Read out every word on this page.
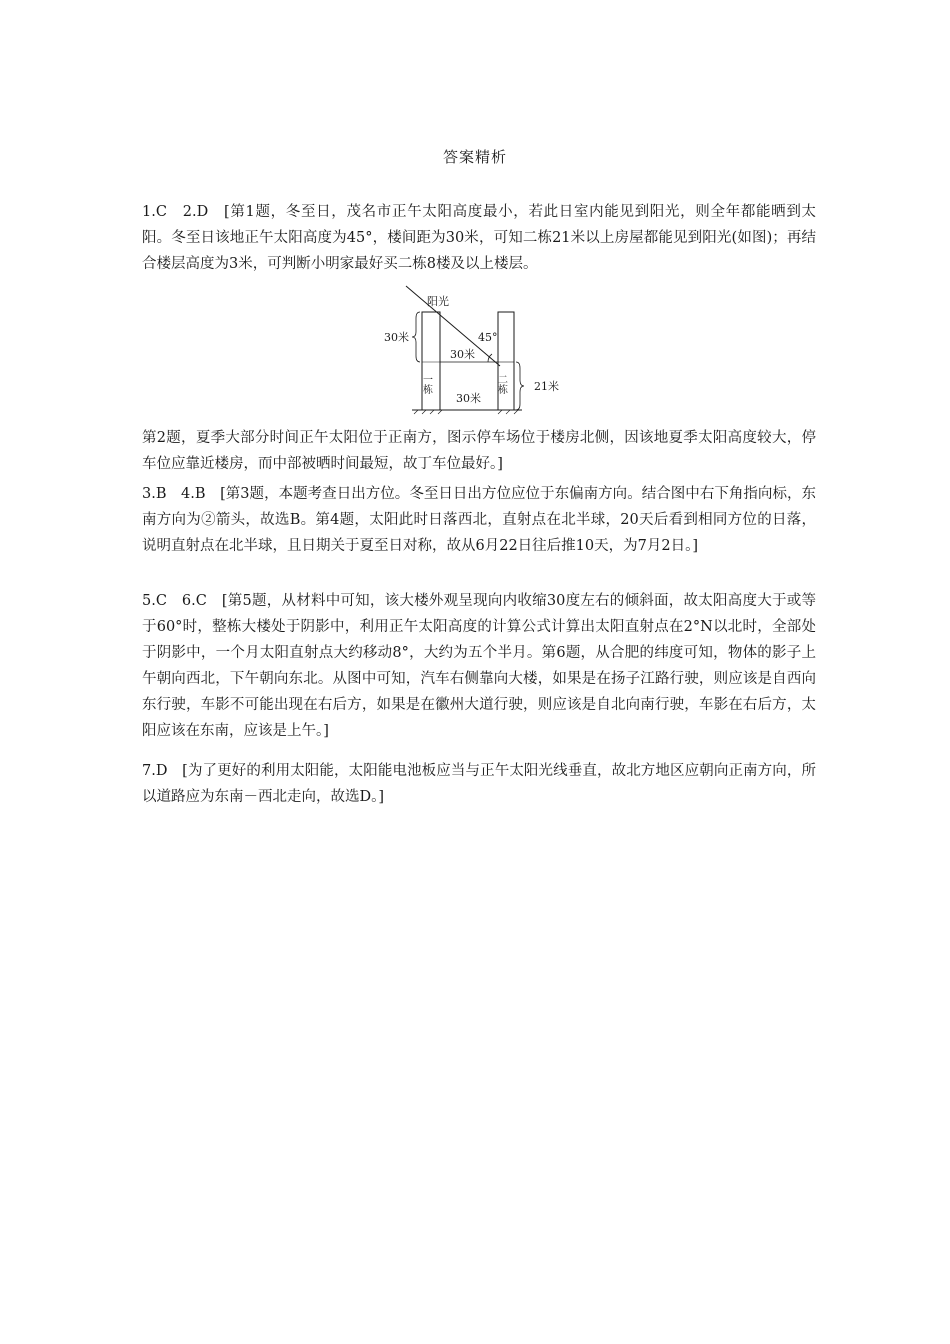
答案精析
1.C　2.D　[第1题，冬至日，茂名市正午太阳高度最小，若此日室内能见到阳光，则全年都能晒到太阳。冬至日该地正午太阳高度为45°，楼间距为30米，可知二栋21米以上房屋都能见到阳光(如图)；再结合楼层高度为3米，可判断小明家最好买二栋8楼及以上楼层。
阳光
30米	45°
30米
30米
21米
一栋	二栋
第2题，夏季大部分时间正午太阳位于正南方，图示停车场位于楼房北侧，因该地夏季太阳高度较大，停车位应靠近楼房，而中部被晒时间最短，故丁车位最好。]
3.B　4.B　[第3题，本题考查日出方位。冬至日日出方位应位于东偏南方向。结合图中右下角指向标，东南方向为②箭头，故选B。第4题，太阳此时日落西北，直射点在北半球，20天后看到相同方位的日落，说明直射点在北半球，且日期关于夏至日对称，故从6月22日往后推10天，为7月2日。]
5.C　6.C　[第5题，从材料中可知，该大楼外观呈现向内收缩30度左右的倾斜面，故太阳高度大于或等于60°时，整栋大楼处于阴影中，利用正午太阳高度的计算公式计算出太阳直射点在2°N以北时，全部处于阴影中，一个月太阳直射点大约移动8°，大约为五个半月。第6题，从合肥的纬度可知，物体的影子上午朝向西北，下午朝向东北。从图中可知，汽车右侧靠向大楼，如果是在扬子江路行驶，则应该是自西向东行驶，车影不可能出现在右后方，如果是在徽州大道行驶，则应该是自北向南行驶，车影在右后方，太阳应该在东南，应该是上午。]
7.D　[为了更好的利用太阳能，太阳能电池板应当与正午太阳光线垂直，故北方地区应朝向正南方向，所以道路应为东南－西北走向，故选D。]
